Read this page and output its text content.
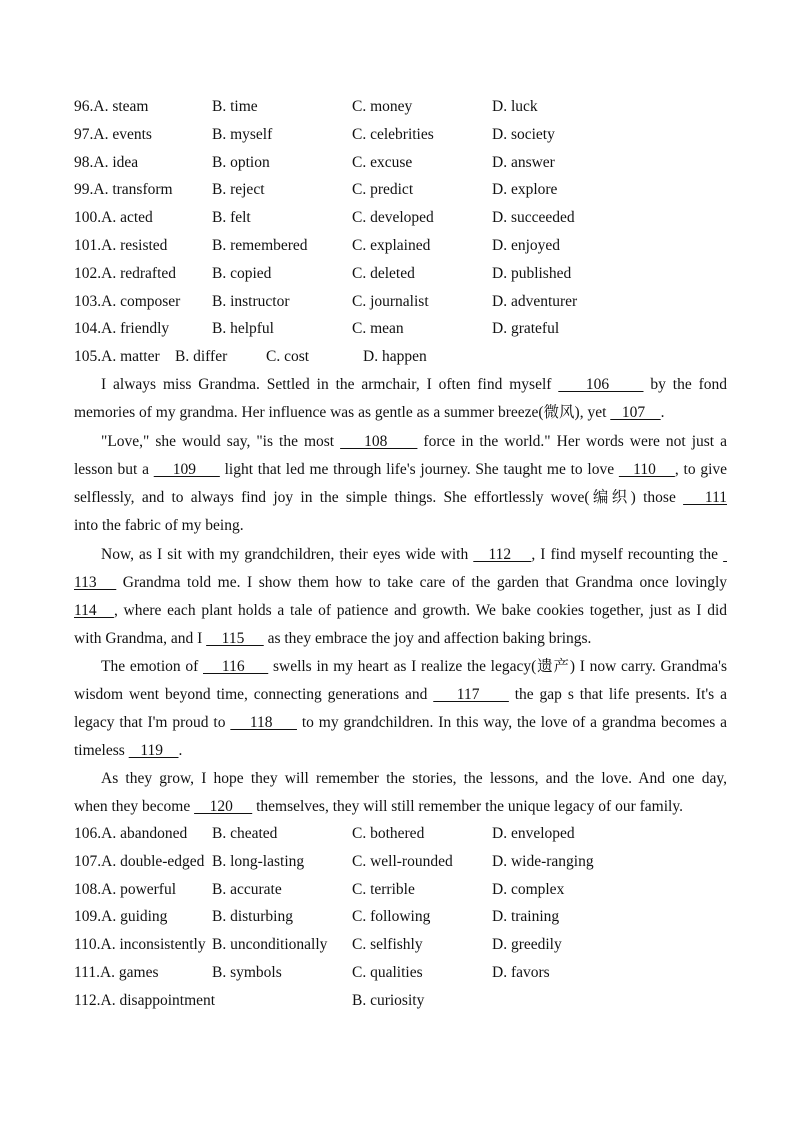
96.A. steam	B. time	C. money	D. luck
97.A. events	B. myself	C. celebrities	D. society
98.A. idea	B. option	C. excuse	D. answer
99.A. transform	B. reject	C. predict	D. explore
100.A. acted	B. felt	C. developed	D. succeeded
101.A. resisted	B. remembered	C. explained	D. enjoyed
102.A. redrafted B. copied	C. deleted	D. published
103.A. composer B. instructor	C. journalist	D. adventurer
104.A. friendly	B. helpful	C. mean	D. grateful
105.A. matter B. differ	C. cost	D. happen
I always miss Grandma. Settled in the armchair, I often find myself     106      by the fond
memories of my grandma. Her influence was as gentle as a summer breeze(微风), yet    107    .
"Love," she would say, "is the most     108      force in the world." Her words were not just a
lesson but a     109      light that led me through life's journey. She taught me to love    110    , to give
selflessly, and to always find joy in the simple things. She effortlessly wove(编织) those    111
into the fabric of my being.
Now, as I sit with my grandchildren, their eyes wide with    112    , I find myself recounting the
113    Grandma told me. I show them how to take care of the garden that Grandma once lovingly
114   , where each plant holds a tale of patience and growth. We bake cookies together, just as I did
with Grandma, and I     115      as they embrace the joy and affection baking brings.
The emotion of     116      swells in my heart as I realize the legacy(遗产) I now carry. Grandma's
wisdom went beyond time, connecting generations and     117      the gap s that life presents. It's a
legacy that I'm proud to     118      to my grandchildren. In this way, the love of a grandma becomes a
timeless    119    .
As they grow, I hope they will remember the stories, the lessons, and the love. And one day,
when they become     120      themselves, they will still remember the unique legacy of our family.
106.A. abandoned B. cheated	C. bothered	D. enveloped
107.A. double-edged B. long-lasting	C. well-rounded	D. wide-ranging
108.A. powerful B. accurate	C. terrible	D. complex
109.A. guiding	B. disturbing	C. following	D. training
110.A. inconsistently B. unconditionally C. selfishly	D. greedily
111.A. games	B. symbols	C. qualities	D. favors
112.A. disappointment	B. curiosity
